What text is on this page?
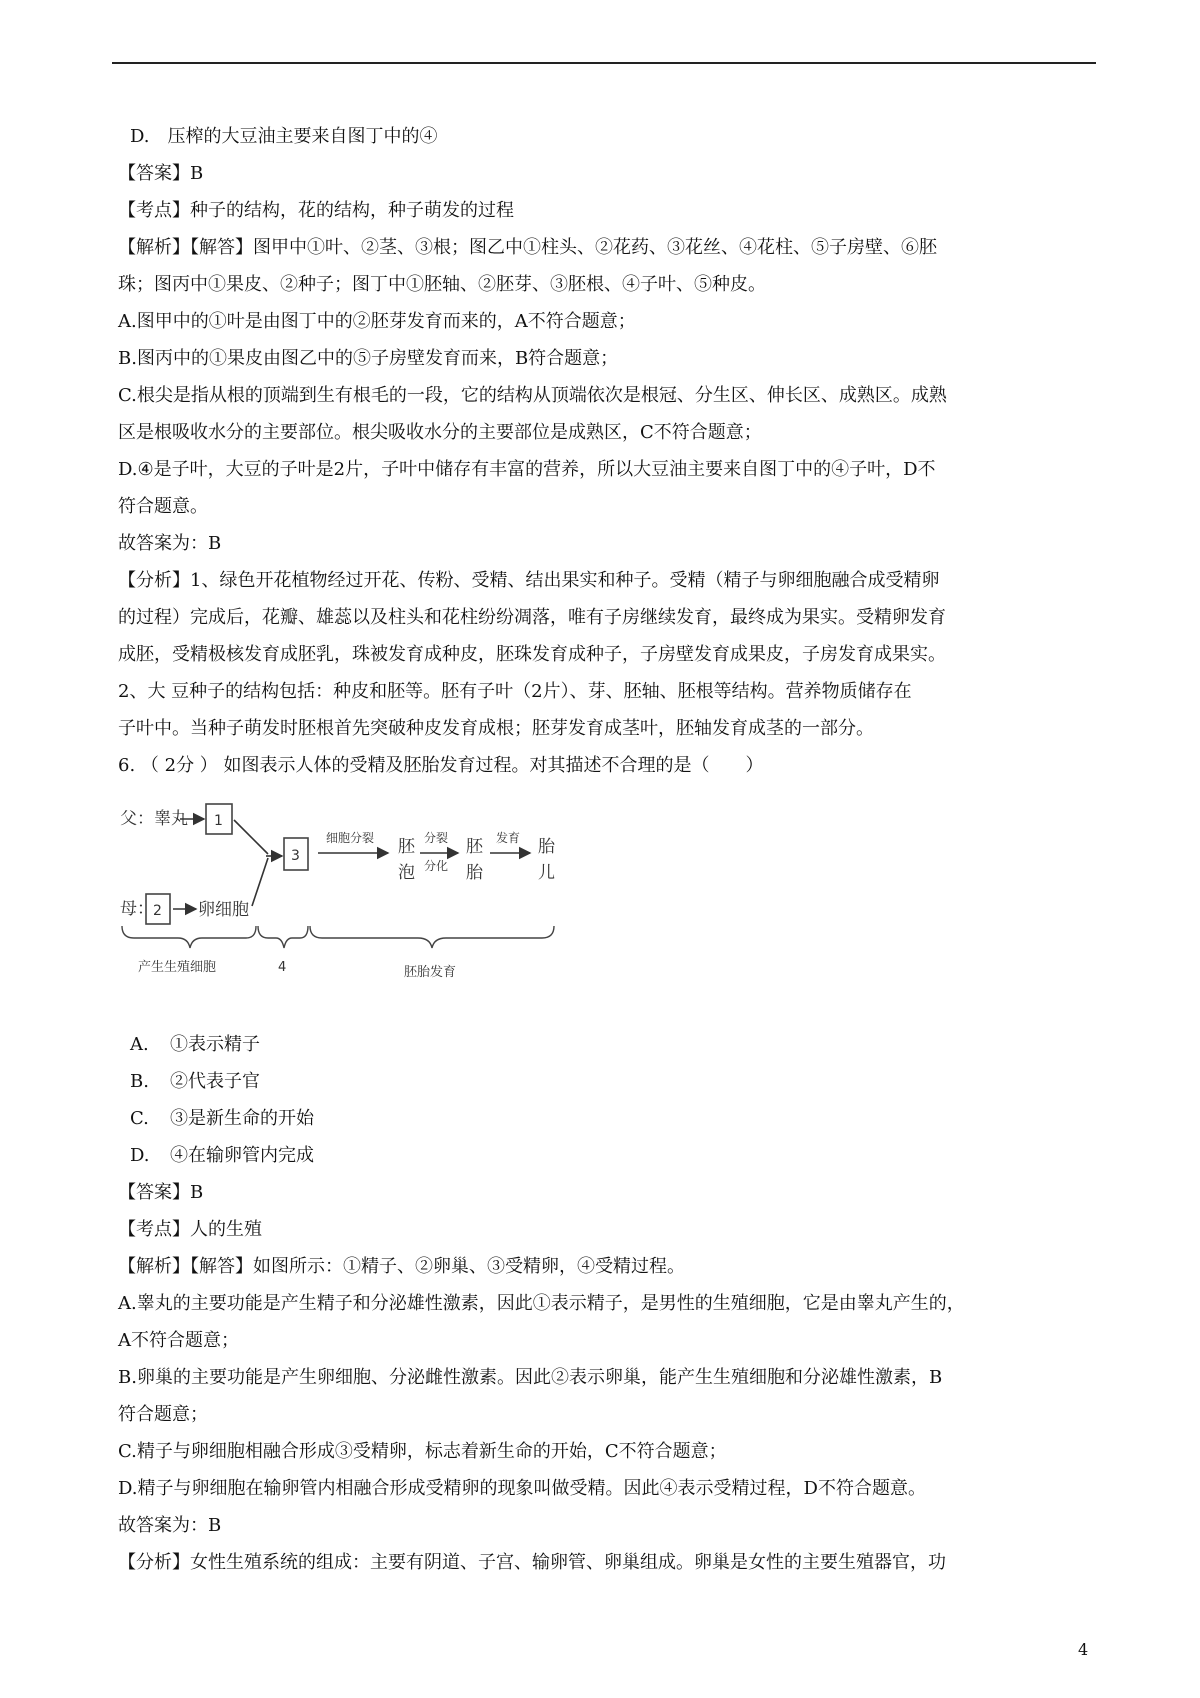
D.　压榨的大豆油主要来自图丁中的④

【答案】B

【考点】种子的结构，花的结构，种子萌发的过程

【解析】【解答】图甲中①叶、②茎、③根；图乙中①柱头、②花药、③花丝、④花柱、⑤子房壁、⑥胚

珠；图丙中①果皮、②种子；图丁中①胚轴、②胚芽、③胚根、④子叶、⑤种皮。

A.图甲中的①叶是由图丁中的②胚芽发育而来的，A不符合题意；

B.图丙中的①果皮由图乙中的⑤子房壁发育而来，B符合题意；

C.根尖是指从根的顶端到生有根毛的一段，它的结构从顶端依次是根冠、分生区、伸长区、成熟区。成熟

区是根吸收水分的主要部位。根尖吸收水分的主要部位是成熟区，C不符合题意；

D.④是子叶，大豆的子叶是2片，子叶中储存有丰富的营养，所以大豆油主要来自图丁中的④子叶，D不

符合题意。

故答案为：B

【分析】1、绿色开花植物经过开花、传粉、受精、结出果实和种子。受精（精子与卵细胞融合成受精卵

的过程）完成后，花瓣、雄蕊以及柱头和花柱纷纷凋落，唯有子房继续发育，最终成为果实。受精卵发育

成胚，受精极核发育成胚乳，珠被发育成种皮，胚珠发育成种子，子房壁发育成果皮，子房发育成果实。

2、大 豆种子的结构包括：种皮和胚等。胚有子叶（2片）、芽、胚轴、胚根等结构。营养物质储存在

子叶中。当种子萌发时胚根首先突破种皮发育成根；胚芽发育成茎叶，胚轴发育成茎的一部分。

6. （ 2分 ） 如图表示人体的受精及胚胎发育过程。对其描述不合理的是（　　）

父：睾丸 1
母： 2 卵细胞
3
细胞分裂 胚
泡
分裂
分化
胚
胎
发育 胎
儿
产生生殖细胞	4	胚胎发育

A. ①表示精子

B. ②代表子官

C. ③是新生命的开始

D. ④在输卵管内完成

【答案】B

【考点】人的生殖

【解析】【解答】如图所示：①精子、②卵巢、③受精卵，④受精过程。

A.睾丸的主要功能是产生精子和分泌雄性激素，因此①表示精子，是男性的生殖细胞，它是由睾丸产生的，

A不符合题意；

B.卵巢的主要功能是产生卵细胞、分泌雌性激素。因此②表示卵巢，能产生生殖细胞和分泌雄性激素，B

符合题意；

C.精子与卵细胞相融合形成③受精卵，标志着新生命的开始，C不符合题意；

D.精子与卵细胞在输卵管内相融合形成受精卵的现象叫做受精。因此④表示受精过程，D不符合题意。

故答案为：B

【分析】女性生殖系统的组成：主要有阴道、子宫、输卵管、卵巢组成。卵巢是女性的主要生殖器官，功

4
